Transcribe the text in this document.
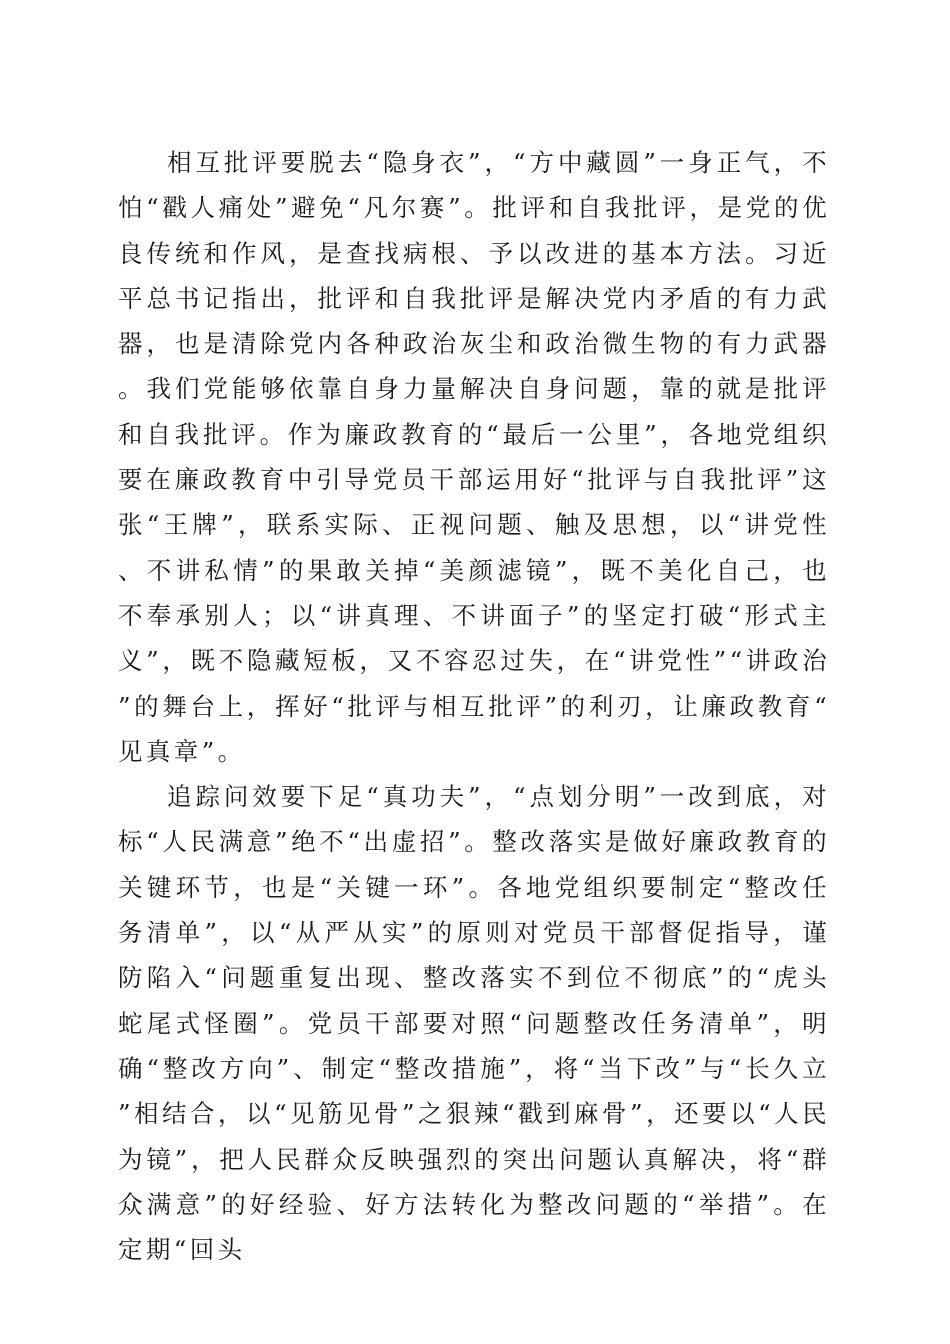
相互批评要脱去“隐身衣”，“方中藏圆”一身正气，不怕“戳人痛处”避免“凡尔赛”。批评和自我批评，是党的优良传统和作风，是查找病根、予以改进的基本方法。习近平总书记指出，批评和自我批评是解决党内矛盾的有力武器，也是清除党内各种政治灰尘和政治微生物的有力武器。我们党能够依靠自身力量解决自身问题，靠的就是批评和自我批评。作为廉政教育的“最后一公里”，各地党组织要在廉政教育中引导党员干部运用好“批评与自我批评”这张“王牌”，联系实际、正视问题、触及思想，以“讲党性、不讲私情”的果敢关掉“美颜滤镜”，既不美化自己，也不奉承别人；以“讲真理、不讲面子”的坚定打破“形式主义”，既不隐藏短板，又不容忍过失，在“讲党性”“讲政治”的舞台上，挥好“批评与相互批评”的利刃，让廉政教育“见真章”。

追踪问效要下足“真功夫”，“点划分明”一改到底，对标“人民满意”绝不“出虚招”。整改落实是做好廉政教育的关键环节，也是“关键一环”。各地党组织要制定“整改任务清单”，以“从严从实”的原则对党员干部督促指导，谨防陷入“问题重复出现、整改落实不到位不彻底”的“虎头蛇尾式怪圈”。党员干部要对照“问题整改任务清单”，明确“整改方向”、制定“整改措施”，将“当下改”与“长久立”相结合，以“见筋见骨”之狠辣“戳到麻骨”，还要以“人民为镜”，把人民群众反映强烈的突出问题认真解决，将“群众满意”的好经验、好方法转化为整改问题的“举措”。在定期“回头
